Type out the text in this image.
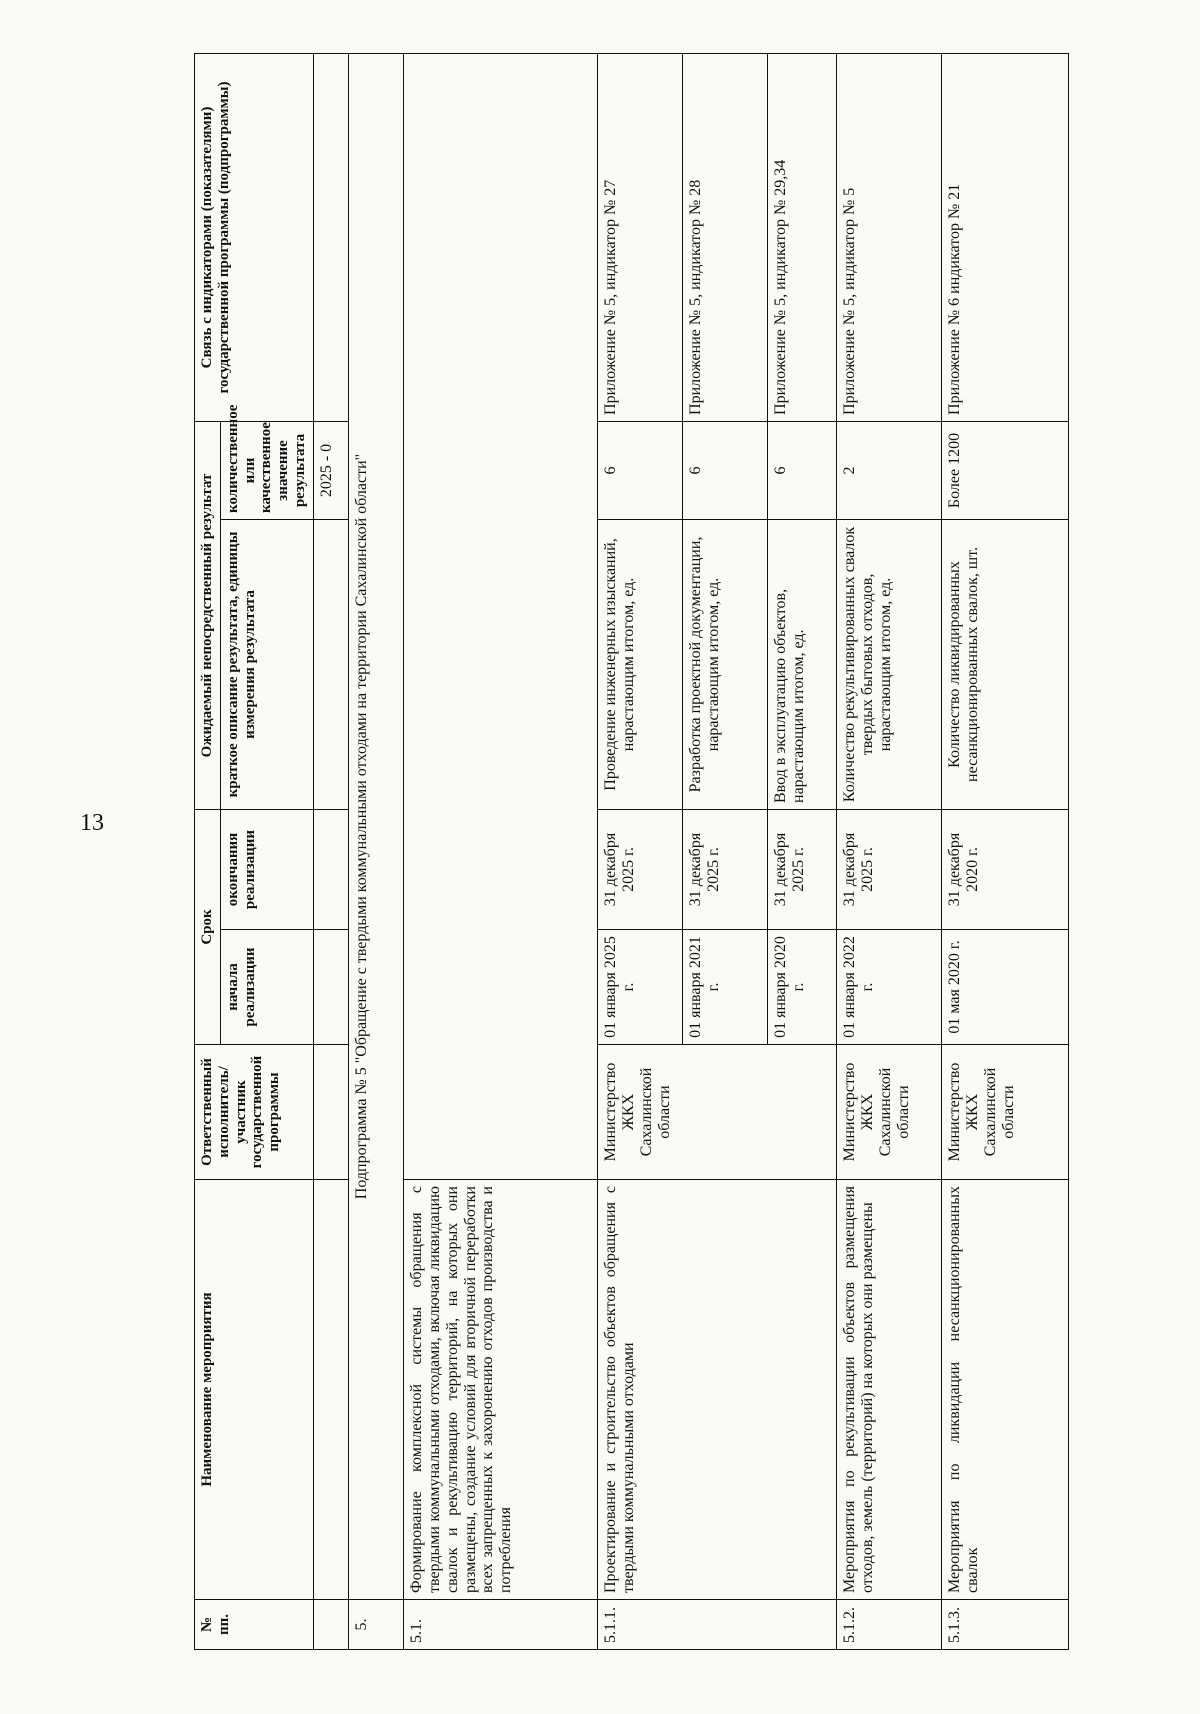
13
№ пп.	Наименование мероприятия	Ответственный исполнитель/ участник государственной программы	Срок		Ожидаемый непосредственный результат		Связь с индикаторами (показателями) государственной программы (подпрограммы)
			начала реализации	окончания реализации	краткое описание результата, единицы измерения результата	количественное или качественное значение результата	
						2025 - 0	
5.	Подпрограмма № 5 "Обращение с твердыми коммунальными отходами на территории Сахалинской области"						
5.1.	Формирование комплексной системы обращения с твердыми коммунальными отходами, включая ликвидацию свалок и рекультивацию территорий, на которых они размещены, создание условий для вторичной переработки всех запрещенных к захоронению отходов производства и потребления						
5.1.1.	Проектирование и строительство объектов обращения с твердыми коммунальными отходами	Министерство ЖКХ Сахалинской области	01 января 2025 г.	31 декабря 2025 г.	Проведение инженерных изысканий, нарастающим итогом, ед.	6	Приложение № 5, индикатор № 27
			01 января 2021 г.	31 декабря 2025 г.	Разработка проектной документации, нарастающим итогом, ед.	6	Приложение № 5, индикатор № 28
			01 января 2020 г.	31 декабря 2025 г.	Ввод в эксплуатацию объектов, нарастающим итогом, ед.	6	Приложение № 5, индикатор № 29,34
5.1.2.	Мероприятия по рекультивации объектов размещения отходов, земель (территорий) на которых они размещены	Министерство ЖКХ Сахалинской области	01 января 2022 г.	31 декабря 2025 г.	Количество рекультивированных свалок твердых бытовых отходов, нарастающим итогом, ед.	2	Приложение № 5, индикатор № 5
5.1.3.	Мероприятия по ликвидации несанкционированных свалок	Министерство ЖКХ Сахалинской области	01 мая 2020 г.	31 декабря 2020 г.	Количество ликвидированных несанкционированных свалок, шт.	Более 1200	Приложение № 6 индикатор № 21
